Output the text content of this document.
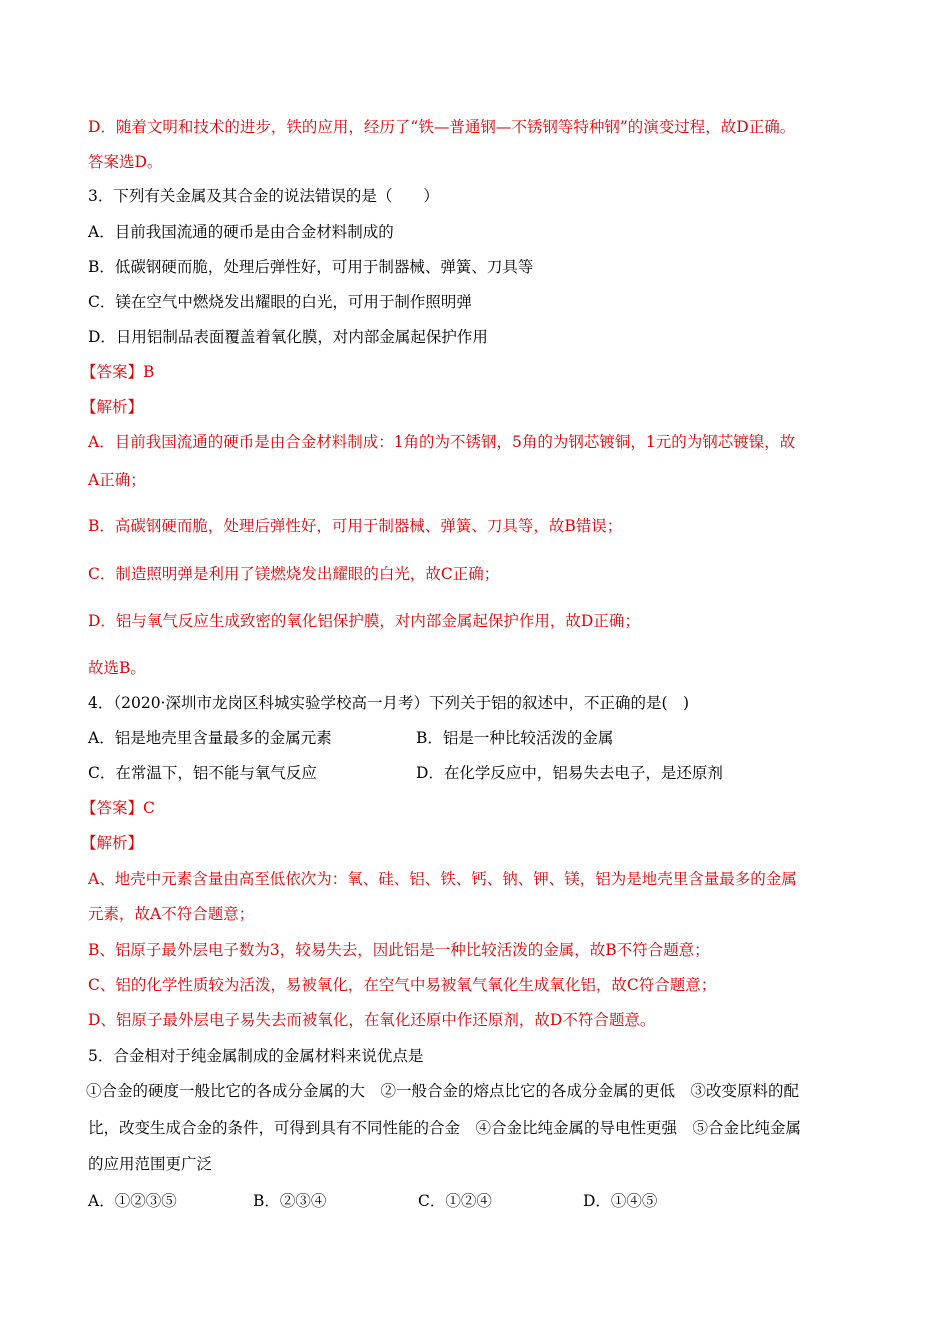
D．随着文明和技术的进步，铁的应用，经历了“铁—普通钢—不锈钢等特种钢”的演变过程，故D正确。
答案选D。
3．下列有关金属及其合金的说法错误的是（　　）
A．目前我国流通的硬币是由合金材料制成的
B．低碳钢硬而脆，处理后弹性好，可用于制器械、弹簧、刀具等
C．镁在空气中燃烧发出耀眼的白光，可用于制作照明弹
D．日用铝制品表面覆盖着氧化膜，对内部金属起保护作用
【答案】B
【解析】
A．目前我国流通的硬币是由合金材料制成：1角的为不锈钢，5角的为钢芯镀铜，1元的为钢芯镀镍，故
A正确；
B．高碳钢硬而脆，处理后弹性好，可用于制器械、弹簧、刀具等，故B错误；
C．制造照明弹是利用了镁燃烧发出耀眼的白光，故C正确；
D．铝与氧气反应生成致密的氧化铝保护膜，对内部金属起保护作用，故D正确；
故选B。
4．（2020·深圳市龙岗区科城实验学校高一月考）下列关于铝的叙述中，不正确的是(　)
A．铝是地壳里含量最多的金属元素	B．铝是一种比较活泼的金属
C．在常温下，铝不能与氧气反应	D．在化学反应中，铝易失去电子，是还原剂
【答案】C
【解析】
A、地壳中元素含量由高至低依次为：氧、硅、铝、铁、钙、钠、钾、镁，铝为是地壳里含量最多的金属
元素，故A不符合题意；
B、铝原子最外层电子数为3，较易失去，因此铝是一种比较活泼的金属，故B不符合题意；
C、铝的化学性质较为活泼，易被氧化，在空气中易被氧气氧化生成氧化铝，故C符合题意；
D、铝原子最外层电子易失去而被氧化，在氧化还原中作还原剂，故D不符合题意。
5．合金相对于纯金属制成的金属材料来说优点是
①合金的硬度一般比它的各成分金属的大　②一般合金的熔点比它的各成分金属的更低　③改变原料的配
比，改变生成合金的条件，可得到具有不同性能的合金　④合金比纯金属的导电性更强　⑤合金比纯金属
的应用范围更广泛
A．①②③⑤	B．②③④	C．①②④	D．①④⑤
